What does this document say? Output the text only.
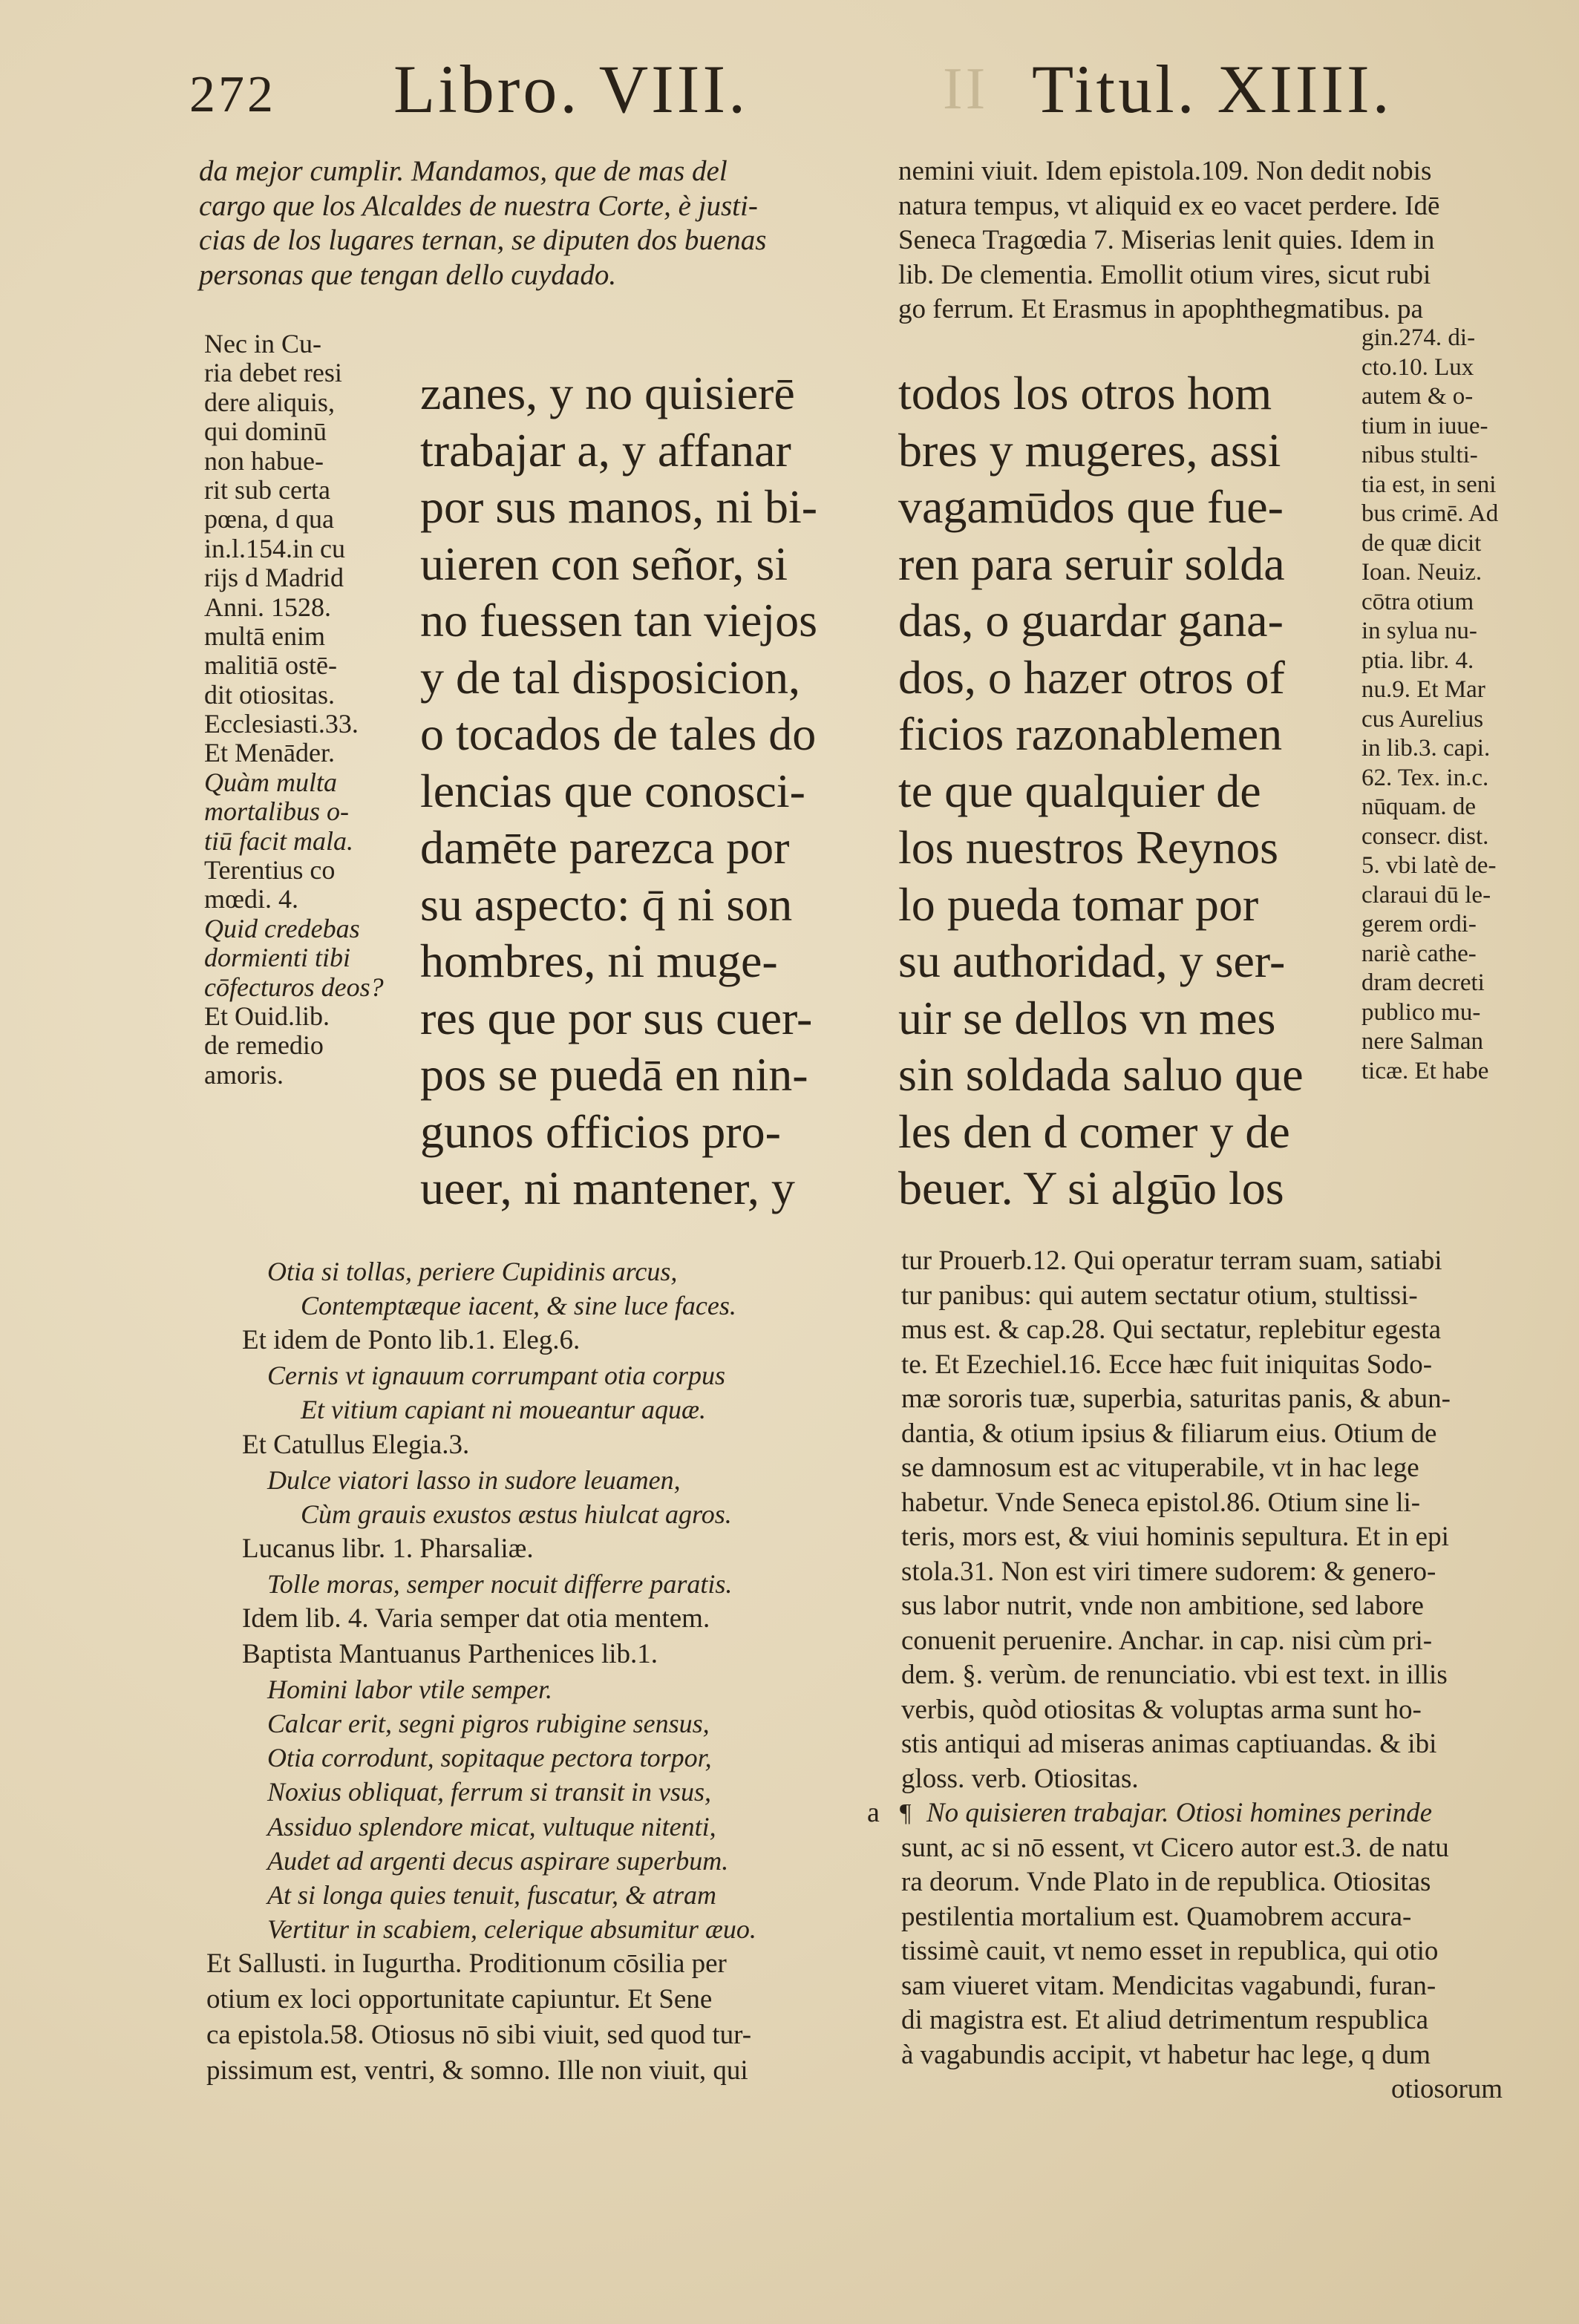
272 Libro. VIII.	II Titul. XIIII.
da mejor cumplir. Mandamos, que de mas del
cargo que los Alcaldes de nuestra Corte, è justi-
cias de los lugares ternan, se diputen dos buenas
personas que tengan dello cuydado.
Nec in Cu-
ria debet resi
dere aliquis,
qui dominū
non habue-
rit sub certa
pœna, d qua
in.l.154.in cu
rijs d Madrid
Anni. 1528.
multā enim
malitiā ostē-
dit otiositas.
Ecclesiasti.33.
Et Menāder.
Quàm multa
mortalibus o-
tiū facit mala.
Terentius co
mœdi. 4.
Quid credebas
dormienti tibi
cōfecturos deos?
Et Ouid.lib.
de remedio
amoris.
zanes, y no quisierē
trabajar a, y affanar
por sus manos, ni bi-
uieren con señor, si
no fuessen tan viejos
y de tal disposicion,
o tocados de tales do
lencias que conosci-
damēte parezca por
su aspecto: q̄ ni son
hombres, ni muge-
res que por sus cuer-
pos se puedā en nin-
gunos officios pro-
ueer, ni mantener, y
nemini viuit. Idem epistola.109. Non dedit nobis
natura tempus, vt aliquid ex eo vacet perdere. Idē
Seneca Tragœdia 7. Miserias lenit quies. Idem in
lib. De clementia. Emollit otium vires, sicut rubi
go ferrum. Et Erasmus in apophthegmatibus. pa
todos los otros hom
bres y mugeres, assi
vagamūdos que fue-
ren para seruir solda
das, o guardar gana-
dos, o hazer otros of
ficios razonablemen
te que qualquier de
los nuestros Reynos
lo pueda tomar por
su authoridad, y ser-
uir se dellos vn mes
sin soldada saluo que
les den d comer y de
beuer. Y si algūo los
gin.274. di-
cto.10. Lux
autem & o-
tium in iuue-
nibus stulti-
tia est, in seni
bus crimē. Ad
de quæ dicit
Ioan. Neuiz.
cōtra otium
in sylua nu-
ptia. libr. 4.
nu.9. Et Mar
cus Aurelius
in lib.3. capi.
62. Tex. in.c.
nūquam. de
consecr. dist.
5. vbi latè de-
claraui dū le-
gerem ordi-
nariè cathe-
dram decreti
publico mu-
nere Salman
ticæ. Et habe
Otia si tollas, periere Cupidinis arcus,
Contemptæque iacent, & sine luce faces.
Et idem de Ponto lib.1. Eleg.6.
Cernis vt ignauum corrumpant otia corpus
Et vitium capiant ni moueantur aquæ.
Et Catullus Elegia.3.
Dulce viatori lasso in sudore leuamen,
Cùm grauis exustos æstus hiulcat agros.
Lucanus libr. 1. Pharsaliæ.
Tolle moras, semper nocuit differre paratis.
Idem lib. 4. Varia semper dat otia mentem.
Baptista Mantuanus Parthenices lib.1.
Homini labor vtile semper.
Calcar erit, segni pigros rubigine sensus,
Otia corrodunt, sopitaque pectora torpor,
Noxius obliquat, ferrum si transit in vsus,
Assiduo splendore micat, vultuque nitenti,
Audet ad argenti decus aspirare superbum.
At si longa quies tenuit, fuscatur, & atram
Vertitur in scabiem, celerique absumitur æuo.
Et Sallusti. in Iugurtha. Proditionum cōsilia per
otium ex loci opportunitate capiuntur. Et Sene
ca epistola.58. Otiosus nō sibi viuit, sed quod tur-
pissimum est, ventri, & somno. Ille non viuit, qui
tur Prouerb.12. Qui operatur terram suam, satiabi
tur panibus: qui autem sectatur otium, stultissi-
mus est. & cap.28. Qui sectatur, replebitur egesta
te. Et Ezechiel.16. Ecce hæc fuit iniquitas Sodo-
mæ sororis tuæ, superbia, saturitas panis, & abun-
dantia, & otium ipsius & filiarum eius. Otium de
se damnosum est ac vituperabile, vt in hac lege
habetur. Vnde Seneca epistol.86. Otium sine li-
teris, mors est, & viui hominis sepultura. Et in epi
stola.31. Non est viri timere sudorem: & genero-
sus labor nutrit, vnde non ambitione, sed labore
conuenit peruenire. Anchar. in cap. nisi cùm pri-
dem. §. verùm. de renunciatio. vbi est text. in illis
verbis, quòd otiositas & voluptas arma sunt ho-
stis antiqui ad miseras animas captiuandas. & ibi
gloss. verb. Otiositas.
No quisieren trabajar. Otiosi homines perinde
sunt, ac si nō essent, vt Cicero autor est.3. de natu
ra deorum. Vnde Plato in de republica. Otiositas
pestilentia mortalium est. Quamobrem accura-
tissimè cauit, vt nemo esset in republica, qui otio
sam viueret vitam. Mendicitas vagabundi, furan-
di magistra est. Et aliud detrimentum respublica
à vagabundis accipit, vt habetur hac lege, q dum
otiosorum
a ¶
